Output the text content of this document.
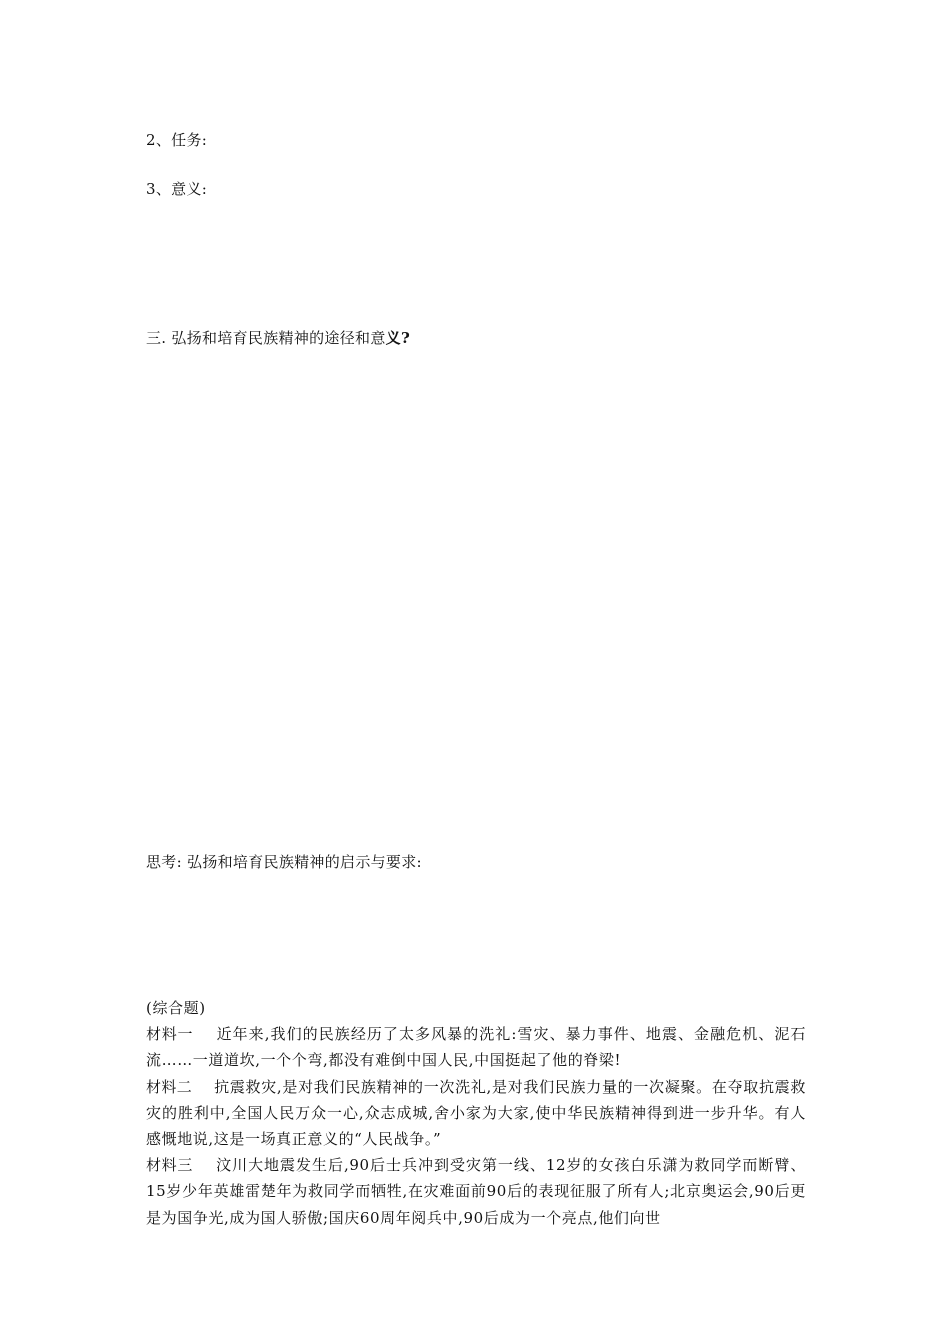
2、任务:
3、意义:
三. 弘扬和培育民族精神的途径和意义?
思考: 弘扬和培育民族精神的启示与要求:

(综合题)

材料一 近年来,我们的民族经历了太多风暴的洗礼:雪灾、暴力事件、地震、金融危机、泥石流……一道道坎,一个个弯,都没有难倒中国人民,中国挺起了他的脊梁!

材料二 抗震救灾,是对我们民族精神的一次洗礼,是对我们民族力量的一次凝聚。在夺取抗震救灾的胜利中,全国人民万众一心,众志成城,舍小家为大家,使中华民族精神得到进一步升华。有人感慨地说,这是一场真正意义的“人民战争。”

材料三 汶川大地震发生后,90后士兵冲到受灾第一线、12岁的女孩白乐潇为救同学而断臂、15岁少年英雄雷楚年为救同学而牺牲,在灾难面前90后的表现征服了所有人;北京奥运会,90后更是为国争光,成为国人骄傲;国庆60周年阅兵中,90后成为一个亮点,他们向世
